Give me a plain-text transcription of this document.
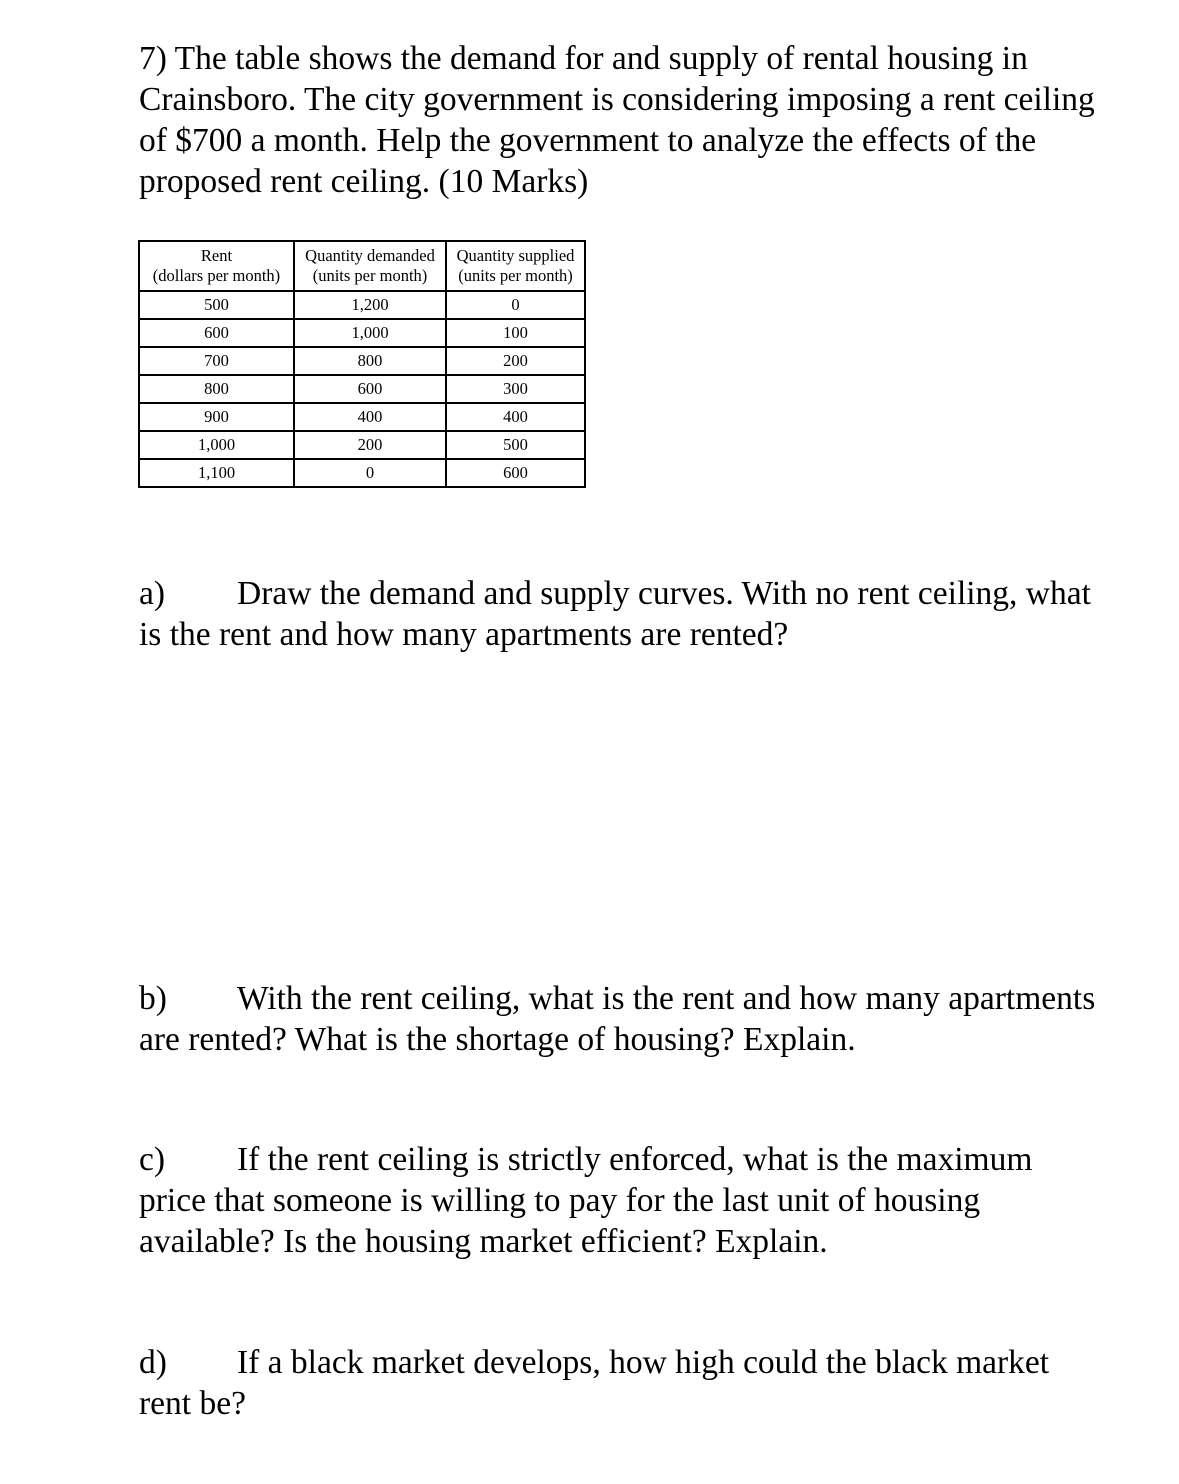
7) The table shows the demand for and supply of rental housing in Crainsboro. The city government is considering imposing a rent ceiling of $700 a month. Help the government to analyze the effects of the proposed rent ceiling. (10 Marks)

Rent	Quantity demanded	Quantity supplied
(dollars per month)	(units per month)	(units per month)
500	1,200	0
600	1,000	100
700	800	200
800	600	300
900	400	400
1,000	200	500
1,100	0	600

a) Draw the demand and supply curves. With no rent ceiling, what is the rent and how many apartments are rented?

b) With the rent ceiling, what is the rent and how many apartments are rented? What is the shortage of housing? Explain.

c) If the rent ceiling is strictly enforced, what is the maximum price that someone is willing to pay for the last unit of housing available? Is the housing market efficient? Explain.

d) If a black market develops, how high could the black market rent be?
